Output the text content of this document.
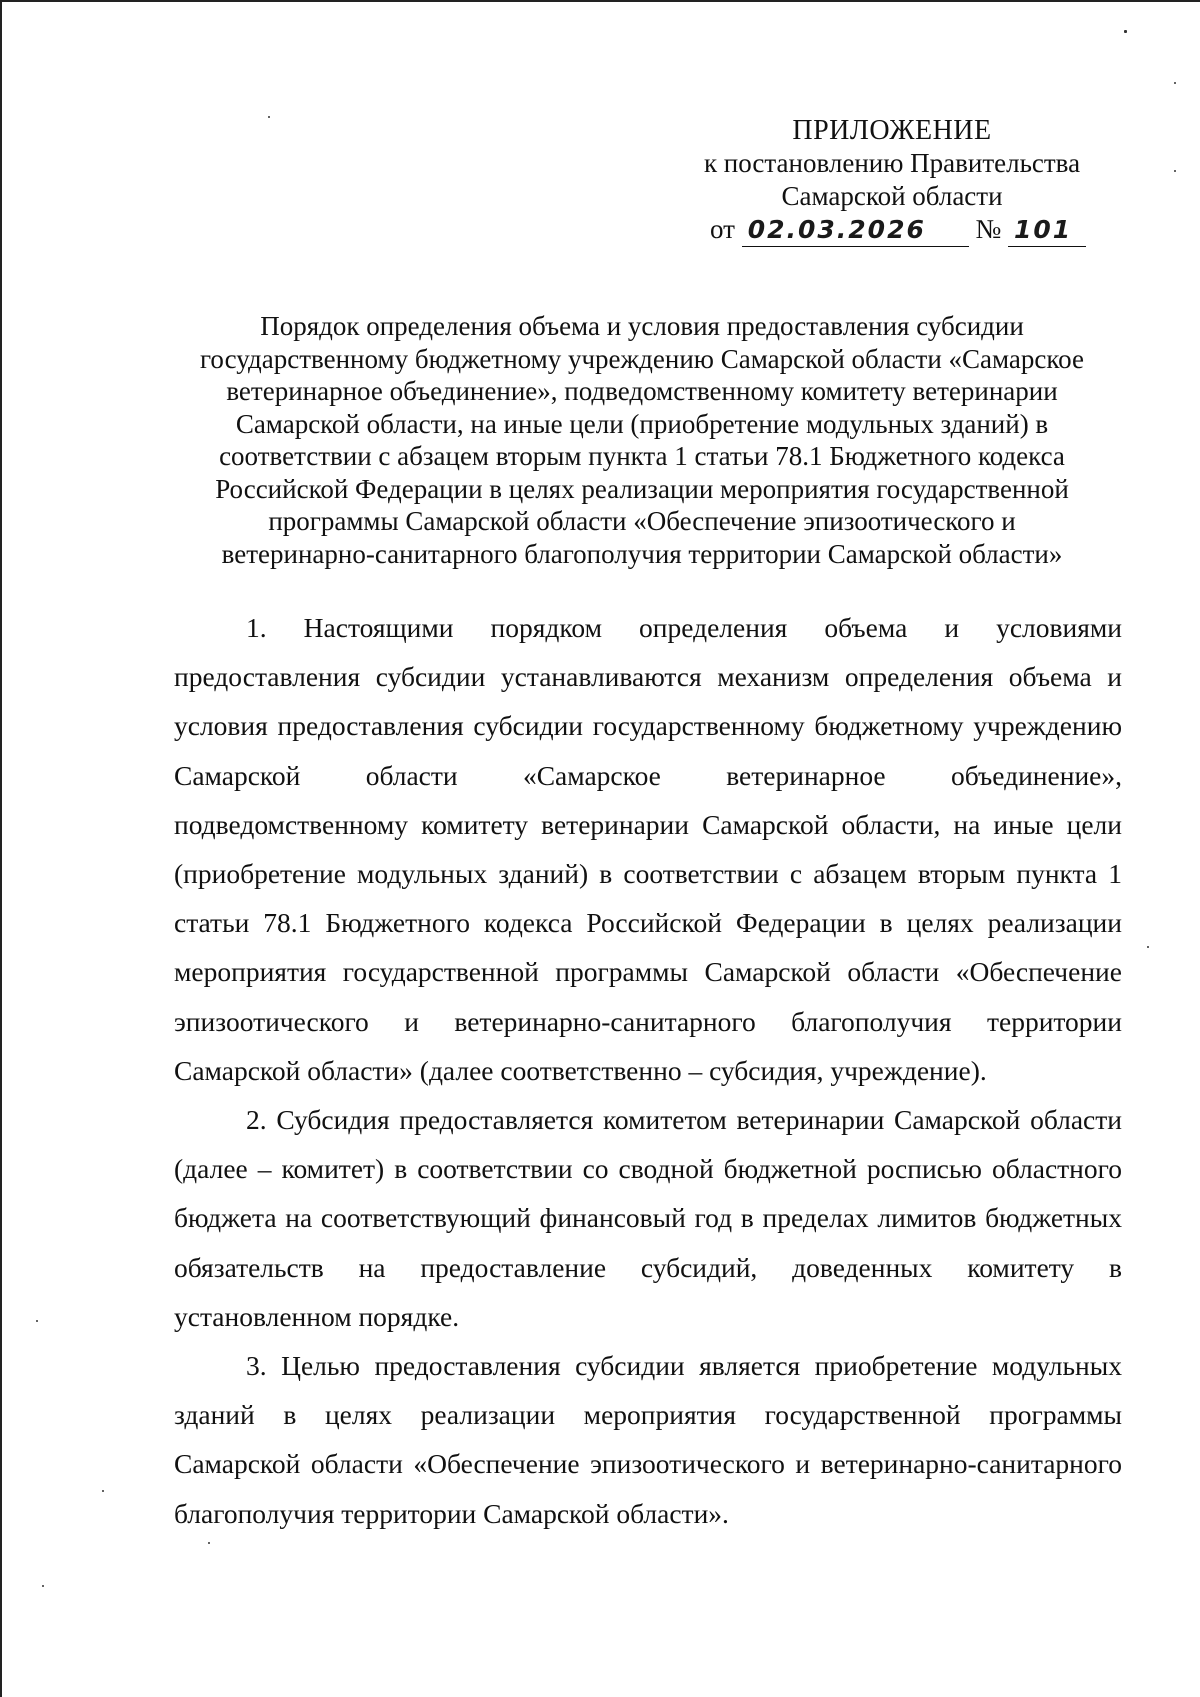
ПРИЛОЖЕНИЕ
к постановлению Правительства
Самарской области
от 02.03.2026 № 101
Порядок определения объема и условия предоставления субсидии
государственному бюджетному учреждению Самарской области «Самарское
ветеринарное объединение», подведомственному комитету ветеринарии
Самарской области, на иные цели (приобретение модульных зданий) в
соответствии с абзацем вторым пункта 1 статьи 78.1 Бюджетного кодекса
Российской Федерации в целях реализации мероприятия государственной
программы Самарской области «Обеспечение эпизоотического и
ветеринарно-санитарного благополучия территории Самарской области»

1. Настоящими порядком определения объема и условиями предоставления субсидии устанавливаются механизм определения объема и условия предоставления субсидии государственному бюджетному учреждению Самарской области «Самарское ветеринарное объединение», подведомственному комитету ветеринарии Самарской области, на иные цели (приобретение модульных зданий) в соответствии с абзацем вторым пункта 1 статьи 78.1 Бюджетного кодекса Российской Федерации в целях реализации мероприятия государственной программы Самарской области «Обеспечение эпизоотического и ветеринарно-санитарного благополучия территории Самарской области» (далее соответственно – субсидия, учреждение).

2. Субсидия предоставляется комитетом ветеринарии Самарской области (далее – комитет) в соответствии со сводной бюджетной росписью областного бюджета на соответствующий финансовый год в пределах лимитов бюджетных обязательств на предоставление субсидий, доведенных комитету в установленном порядке.

3. Целью предоставления субсидии является приобретение модульных зданий в целях реализации мероприятия государственной программы Самарской области «Обеспечение эпизоотического и ветеринарно-санитарного благополучия территории Самарской области».
